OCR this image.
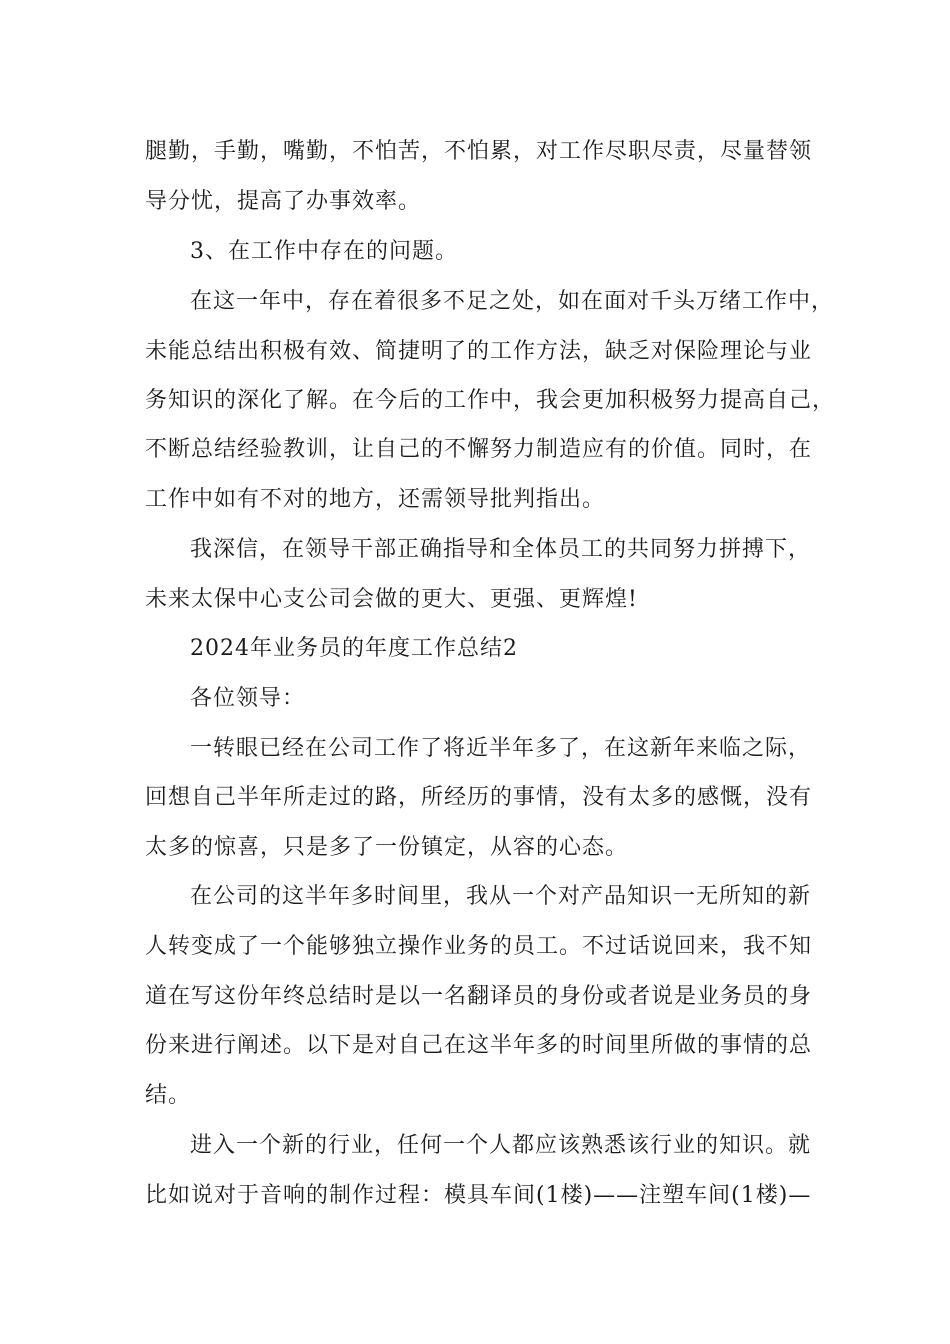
腿勤，手勤，嘴勤，不怕苦，不怕累，对工作尽职尽责，尽量替领
导分忧，提高了办事效率。
3、在工作中存在的问题。
在这一年中，存在着很多不足之处，如在面对千头万绪工作中，
未能总结出积极有效、简捷明了的工作方法，缺乏对保险理论与业
务知识的深化了解。在今后的工作中，我会更加积极努力提高自己，
不断总结经验教训，让自己的不懈努力制造应有的价值。同时，在
工作中如有不对的地方，还需领导批判指出。
我深信，在领导干部正确指导和全体员工的共同努力拼搏下，
未来太保中心支公司会做的更大、更强、更辉煌!
2024年业务员的年度工作总结2
各位领导：
一转眼已经在公司工作了将近半年多了，在这新年来临之际，
回想自己半年所走过的路，所经历的事情，没有太多的感慨，没有
太多的惊喜，只是多了一份镇定，从容的心态。
在公司的这半年多时间里，我从一个对产品知识一无所知的新
人转变成了一个能够独立操作业务的员工。不过话说回来，我不知
道在写这份年终总结时是以一名翻译员的身份或者说是业务员的身
份来进行阐述。以下是对自己在这半年多的时间里所做的事情的总
结。
进入一个新的行业，任何一个人都应该熟悉该行业的知识。就
比如说对于音响的制作过程：模具车间(1楼)——注塑车间(1楼)—
